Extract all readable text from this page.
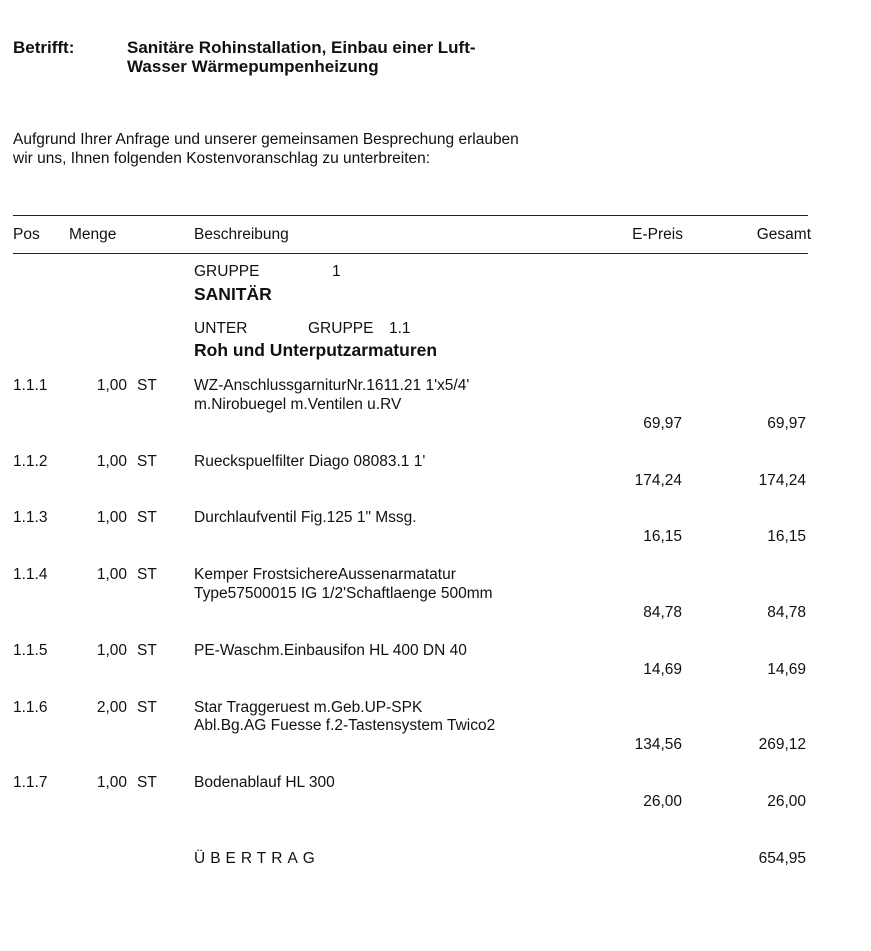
Betrifft:	Sanitäre Rohinstallation, Einbau einer Luft-
Wasser Wärmepumpenheizung
Aufgrund Ihrer Anfrage und unserer gemeinsamen Besprechung erlauben
wir uns, Ihnen folgenden Kostenvoranschlag zu unterbreiten:
Pos Menge	Beschreibung	E-Preis	Gesamt
GRUPPE	1
SANITÄR
UNTER	GRUPPE 1.1
Roh und Unterputzarmaturen
1.1.1	1,00 ST WZ-AnschlussgarniturNr.1611.21 1'x5/4'
m.Nirobuegel m.Ventilen u.RV
69,97	69,97
1.1.2	1,00 ST Rueckspuelfilter Diago 08083.1 1'
174,24	174,24
1.1.3	1,00 ST Durchlaufventil Fig.125 1" Mssg.
16,15	16,15
1.1.4	1,00 ST Kemper FrostsichereAussenarmatatur
Type57500015 IG 1/2'Schaftlaenge 500mm
84,78	84,78
1.1.5	1,00 ST PE-Waschm.Einbausifon HL 400 DN 40
14,69	14,69
1.1.6	2,00 ST Star Traggeruest m.Geb.UP-SPK
Abl.Bg.AG Fuesse f.2-Tastensystem Twico2
134,56	269,12
1.1.7	1,00 ST Bodenablauf HL 300
26,00	26,00
ÜBERTRAG	654,95
